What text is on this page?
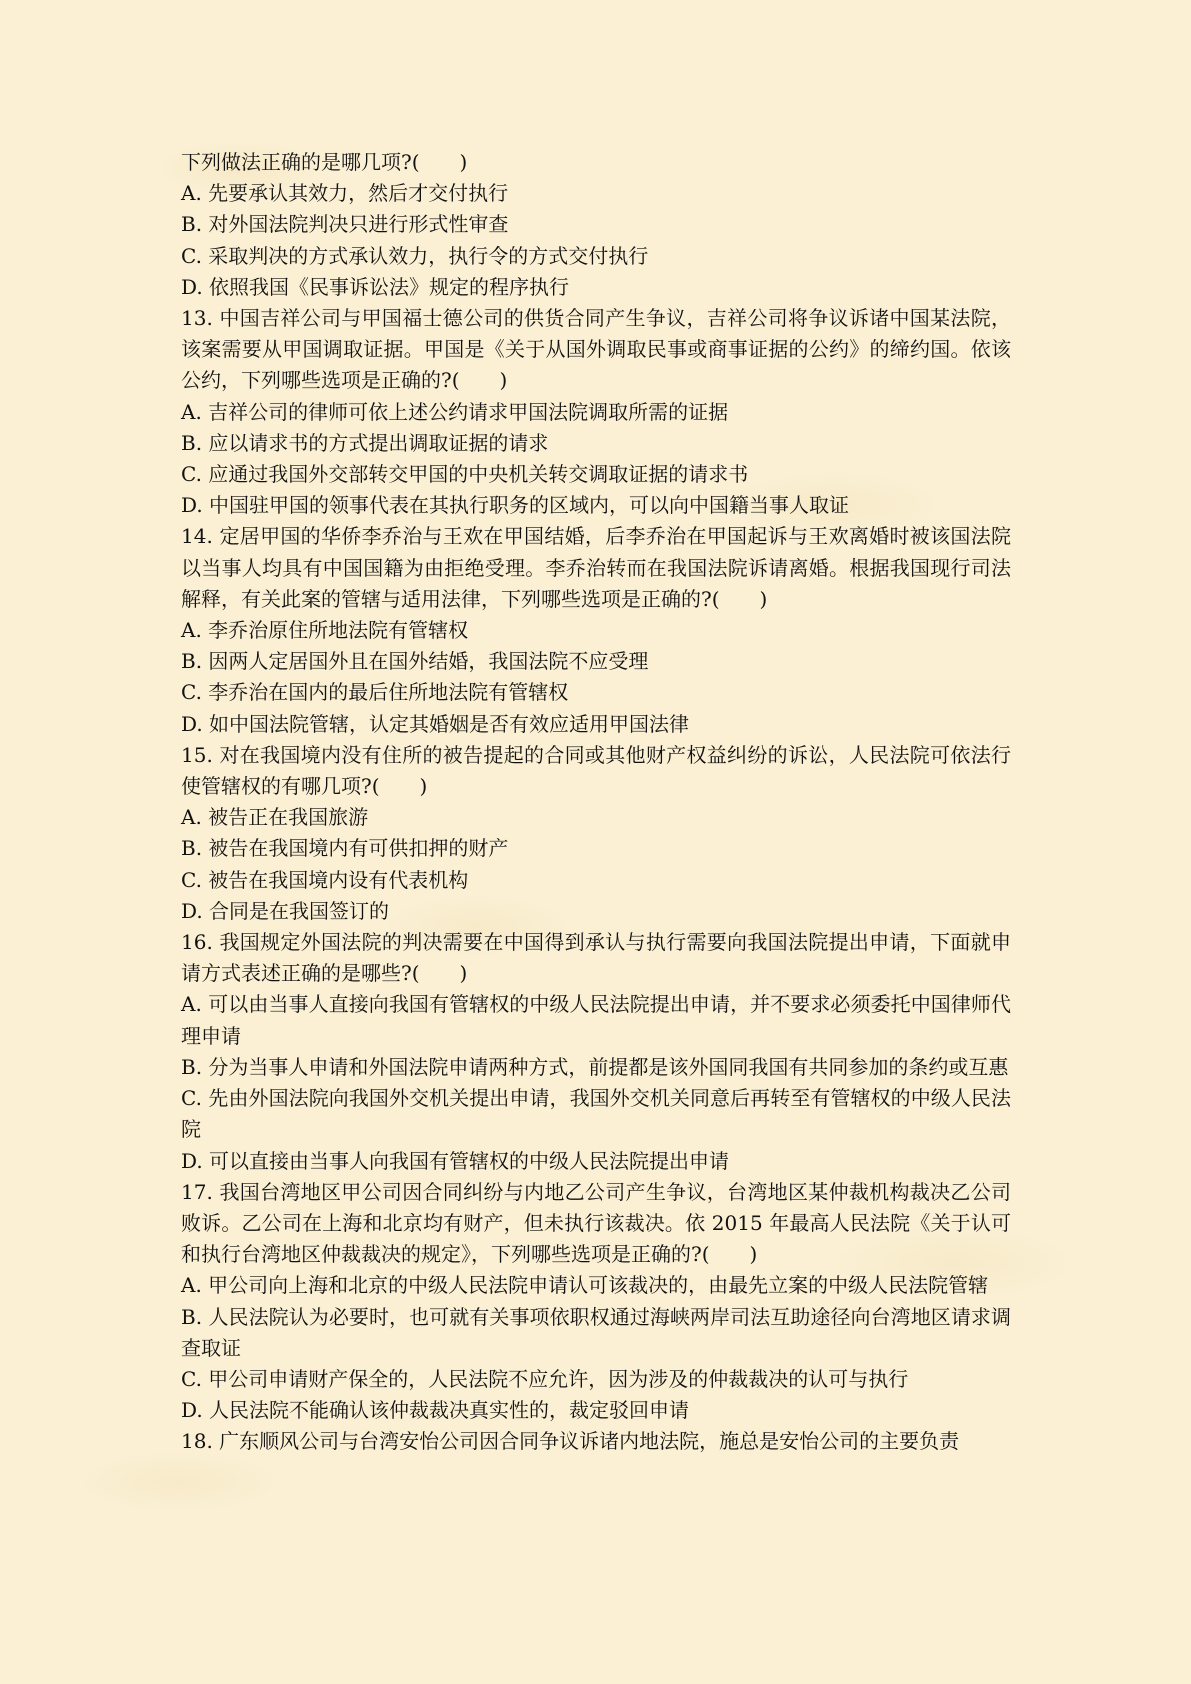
下列做法正确的是哪几项?(　　)

A. 先要承认其效力，然后才交付执行

B. 对外国法院判决只进行形式性审查

C. 采取判决的方式承认效力，执行令的方式交付执行

D. 依照我国《民事诉讼法》规定的程序执行

13. 中国吉祥公司与甲国福士德公司的供货合同产生争议，吉祥公司将争议诉诸中国某法院，该案需要从甲国调取证据。甲国是《关于从国外调取民事或商事证据的公约》的缔约国。依该公约，下列哪些选项是正确的?(　　)

A. 吉祥公司的律师可依上述公约请求甲国法院调取所需的证据

B. 应以请求书的方式提出调取证据的请求

C. 应通过我国外交部转交甲国的中央机关转交调取证据的请求书

D. 中国驻甲国的领事代表在其执行职务的区域内，可以向中国籍当事人取证

14. 定居甲国的华侨李乔治与王欢在甲国结婚，后李乔治在甲国起诉与王欢离婚时被该国法院以当事人均具有中国国籍为由拒绝受理。李乔治转而在我国法院诉请离婚。根据我国现行司法解释，有关此案的管辖与适用法律，下列哪些选项是正确的?(　　)

A. 李乔治原住所地法院有管辖权

B. 因两人定居国外且在国外结婚，我国法院不应受理

C. 李乔治在国内的最后住所地法院有管辖权

D. 如中国法院管辖，认定其婚姻是否有效应适用甲国法律

15. 对在我国境内没有住所的被告提起的合同或其他财产权益纠纷的诉讼，人民法院可依法行使管辖权的有哪几项?(　　)

A. 被告正在我国旅游

B. 被告在我国境内有可供扣押的财产

C. 被告在我国境内设有代表机构

D. 合同是在我国签订的

16. 我国规定外国法院的判决需要在中国得到承认与执行需要向我国法院提出申请，下面就申请方式表述正确的是哪些?(　　)

A. 可以由当事人直接向我国有管辖权的中级人民法院提出申请，并不要求必须委托中国律师代理申请

B. 分为当事人申请和外国法院申请两种方式，前提都是该外国同我国有共同参加的条约或互惠

C. 先由外国法院向我国外交机关提出申请，我国外交机关同意后再转至有管辖权的中级人民法院

D. 可以直接由当事人向我国有管辖权的中级人民法院提出申请

17. 我国台湾地区甲公司因合同纠纷与内地乙公司产生争议，台湾地区某仲裁机构裁决乙公司败诉。乙公司在上海和北京均有财产，但未执行该裁决。依 2015 年最高人民法院《关于认可和执行台湾地区仲裁裁决的规定》，下列哪些选项是正确的?(　　)

A. 甲公司向上海和北京的中级人民法院申请认可该裁决的，由最先立案的中级人民法院管辖

B. 人民法院认为必要时，也可就有关事项依职权通过海峡两岸司法互助途径向台湾地区请求调查取证

C. 甲公司申请财产保全的，人民法院不应允许，因为涉及的仲裁裁决的认可与执行

D. 人民法院不能确认该仲裁裁决真实性的，裁定驳回申请

18. 广东顺风公司与台湾安怡公司因合同争议诉诸内地法院，施总是安怡公司的主要负责
